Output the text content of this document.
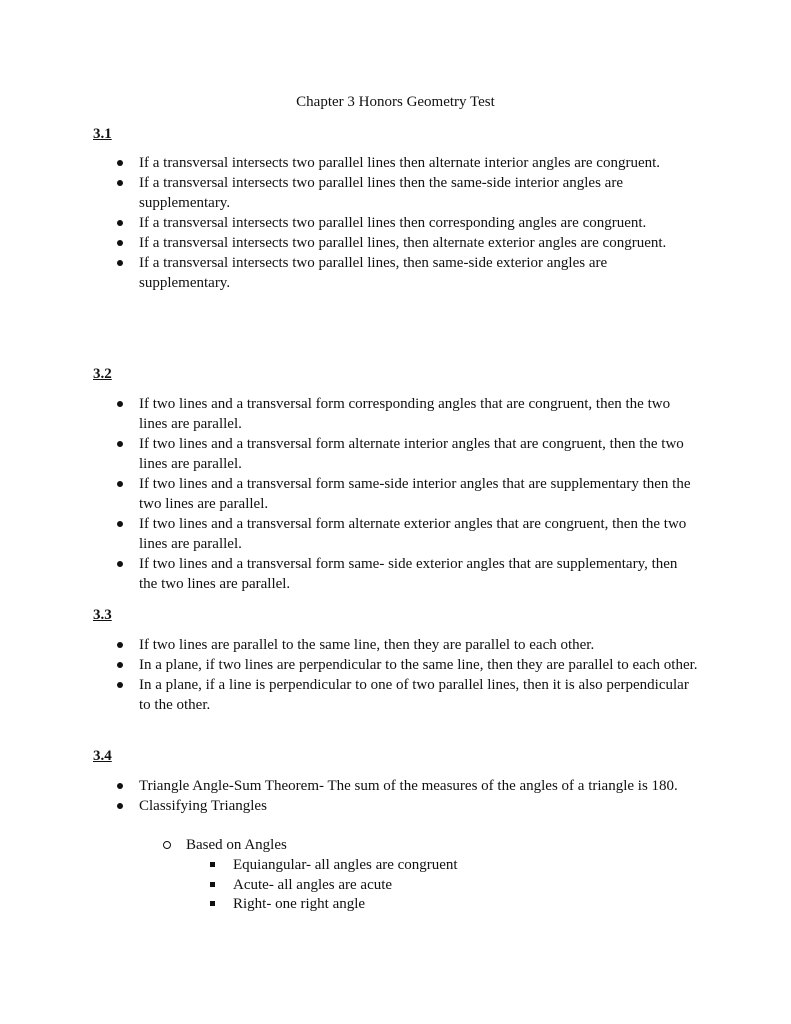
Chapter 3 Honors Geometry Test
3.1
If a transversal intersects two parallel lines then alternate interior angles are congruent.
If a transversal intersects two parallel lines then the same-side interior angles are supplementary.
If a transversal intersects two parallel lines then corresponding angles are congruent.
If a transversal intersects two parallel lines, then alternate exterior angles are congruent.
If a transversal intersects two parallel lines, then same-side exterior angles are supplementary.
3.2
If two lines and a transversal form corresponding angles that are congruent, then the two lines are parallel.
If two lines and a transversal form alternate interior angles that are congruent, then the two lines are parallel.
If two lines and a transversal form same-side interior angles that are supplementary then the two lines are parallel.
If two lines and a transversal form alternate exterior angles that are congruent, then the two lines are parallel.
If two lines and a transversal form same- side exterior angles that are supplementary, then the two lines are parallel.
3.3
If two lines are parallel to the same line, then they are parallel to each other.
In a plane, if two lines are perpendicular to the same line, then they are parallel to each other.
In a plane, if a line is perpendicular to one of two parallel lines, then it is also perpendicular to the other.
3.4
Triangle Angle-Sum Theorem- The sum of the measures of the angles of a triangle is 180.
Classifying Triangles
Based on Angles
Equiangular- all angles are congruent
Acute- all angles are acute
Right- one right angle
